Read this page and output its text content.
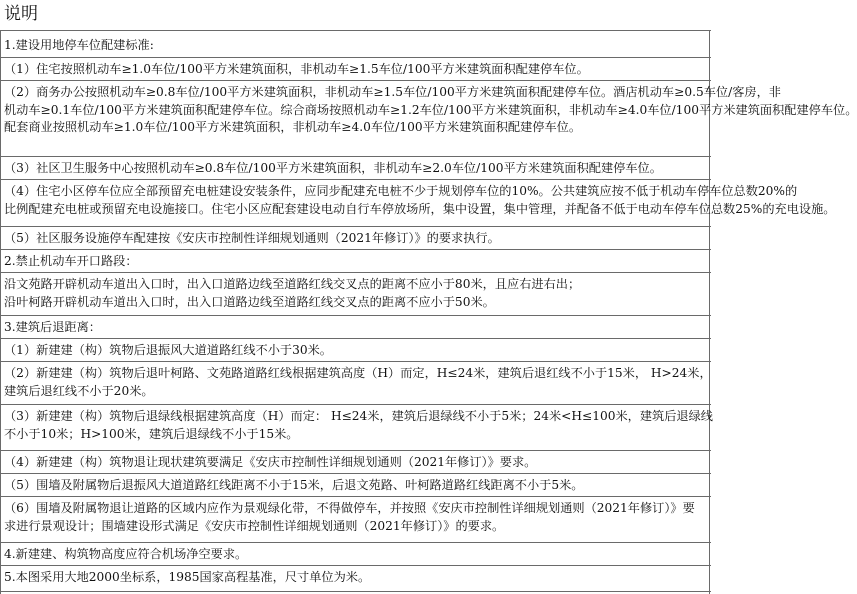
说明
1.建设用地停车位配建标准:
（1）住宅按照机动车≥1.0车位/100平方米建筑面积，非机动车≥1.5车位/100平方米建筑面积配建停车位。
（2）商务办公按照机动车≥0.8车位/100平方米建筑面积，非机动车≥1.5车位/100平方米建筑面积配建停车位。酒店机动车≥0.5车位/客房，非
机动车≥0.1车位/100平方米建筑面积配建停车位。综合商场按照机动车≥1.2车位/100平方米建筑面积，非机动车≥4.0车位/100平方米建筑面积配建停车位。
配套商业按照机动车≥1.0车位/100平方米建筑面积，非机动车≥4.0车位/100平方米建筑面积配建停车位。
（3）社区卫生服务中心按照机动车≥0.8车位/100平方米建筑面积，非机动车≥2.0车位/100平方米建筑面积配建停车位。
（4）住宅小区停车位应全部预留充电桩建设安装条件，应同步配建充电桩不少于规划停车位的10%。公共建筑应按不低于机动车停车位总数20%的
比例配建充电桩或预留充电设施接口。住宅小区应配套建设电动自行车停放场所，集中设置，集中管理，并配备不低于电动车停车位总数25%的充电设施。
（5）社区服务设施停车配建按《安庆市控制性详细规划通则（2021年修订）》的要求执行。
2.禁止机动车开口路段：
沿文苑路开辟机动车道出入口时，出入口道路边线至道路红线交叉点的距离不应小于80米，且应右进右出；
沿叶柯路开辟机动车道出入口时，出入口道路边线至道路红线交叉点的距离不应小于50米。
3.建筑后退距离：
（1）新建建（构）筑物后退振风大道道路红线不小于30米。
（2）新建建（构）筑物后退叶柯路、文苑路道路红线根据建筑高度（H）而定，H≤24米，建筑后退红线不小于15米， H>24米，
建筑后退红线不小于20米。
（3）新建建（构）筑物后退绿线根据建筑高度（H）而定： H≤24米，建筑后退绿线不小于5米；24米<H≤100米，建筑后退绿线
不小于10米；H>100米，建筑后退绿线不小于15米。
（4）新建建（构）筑物退让现状建筑要满足《安庆市控制性详细规划通则（2021年修订）》要求。
（5）围墙及附属物后退振风大道道路红线距离不小于15米，后退文苑路、叶柯路道路红线距离不小于5米。
（6）围墙及附属物退让道路的区域内应作为景观绿化带，不得做停车，并按照《安庆市控制性详细规划通则（2021年修订）》要
求进行景观设计；围墙建设形式满足《安庆市控制性详细规划通则（2021年修订）》的要求。
4.新建建、构筑物高度应符合机场净空要求。
5.本图采用大地2000坐标系，1985国家高程基准，尺寸单位为米。
